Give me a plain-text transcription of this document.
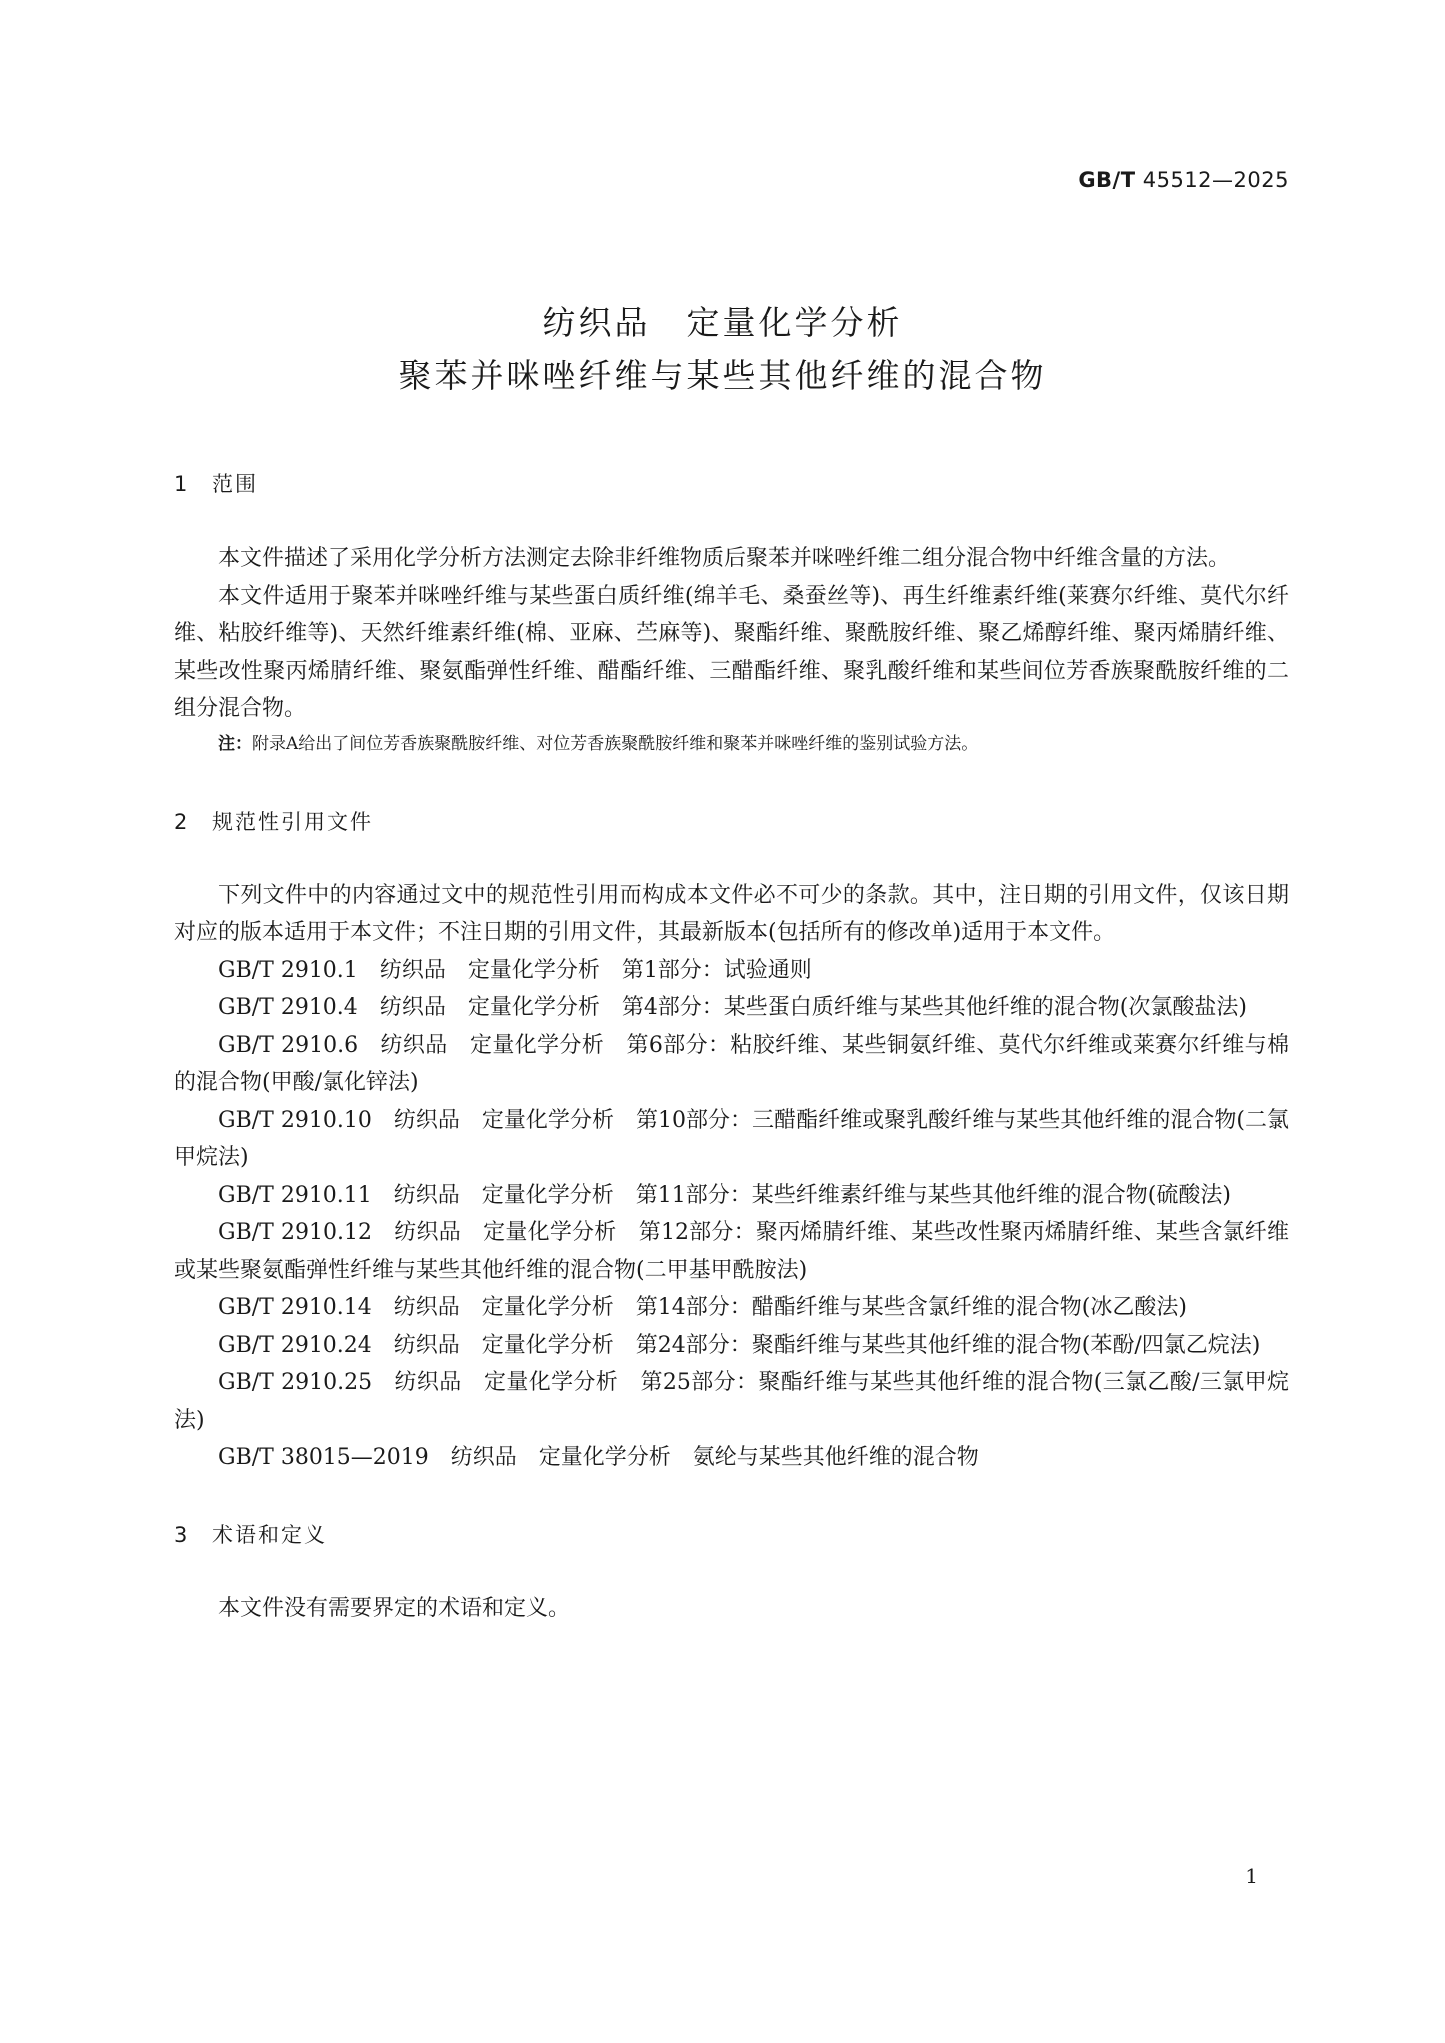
GB/T 45512—2025
纺织品　定量化学分析
聚苯并咪唑纤维与某些其他纤维的混合物
1 范围
本文件描述了采用化学分析方法测定去除非纤维物质后聚苯并咪唑纤维二组分混合物中纤维含量的方法。
本文件适用于聚苯并咪唑纤维与某些蛋白质纤维(绵羊毛、桑蚕丝等)、再生纤维素纤维(莱赛尔纤维、莫代尔纤维、粘胶纤维等)、天然纤维素纤维(棉、亚麻、苎麻等)、聚酯纤维、聚酰胺纤维、聚乙烯醇纤维、聚丙烯腈纤维、某些改性聚丙烯腈纤维、聚氨酯弹性纤维、醋酯纤维、三醋酯纤维、聚乳酸纤维和某些间位芳香族聚酰胺纤维的二组分混合物。
注：附录A给出了间位芳香族聚酰胺纤维、对位芳香族聚酰胺纤维和聚苯并咪唑纤维的鉴别试验方法。
2 规范性引用文件
下列文件中的内容通过文中的规范性引用而构成本文件必不可少的条款。其中，注日期的引用文件，仅该日期对应的版本适用于本文件；不注日期的引用文件，其最新版本(包括所有的修改单)适用于本文件。
GB/T 2910.1 纺织品　定量化学分析　第1部分：试验通则
GB/T 2910.4 纺织品　定量化学分析　第4部分：某些蛋白质纤维与某些其他纤维的混合物(次氯酸盐法)
GB/T 2910.6 纺织品　定量化学分析　第6部分：粘胶纤维、某些铜氨纤维、莫代尔纤维或莱赛尔纤维与棉的混合物(甲酸/氯化锌法)
GB/T 2910.10 纺织品　定量化学分析　第10部分：三醋酯纤维或聚乳酸纤维与某些其他纤维的混合物(二氯甲烷法)
GB/T 2910.11 纺织品　定量化学分析　第11部分：某些纤维素纤维与某些其他纤维的混合物(硫酸法)
GB/T 2910.12 纺织品　定量化学分析　第12部分：聚丙烯腈纤维、某些改性聚丙烯腈纤维、某些含氯纤维或某些聚氨酯弹性纤维与某些其他纤维的混合物(二甲基甲酰胺法)
GB/T 2910.14 纺织品　定量化学分析　第14部分：醋酯纤维与某些含氯纤维的混合物(冰乙酸法)
GB/T 2910.24 纺织品　定量化学分析　第24部分：聚酯纤维与某些其他纤维的混合物(苯酚/四氯乙烷法)
GB/T 2910.25 纺织品　定量化学分析　第25部分：聚酯纤维与某些其他纤维的混合物(三氯乙酸/三氯甲烷法)
GB/T 38015—2019 纺织品　定量化学分析　氨纶与某些其他纤维的混合物
3 术语和定义
本文件没有需要界定的术语和定义。
1
